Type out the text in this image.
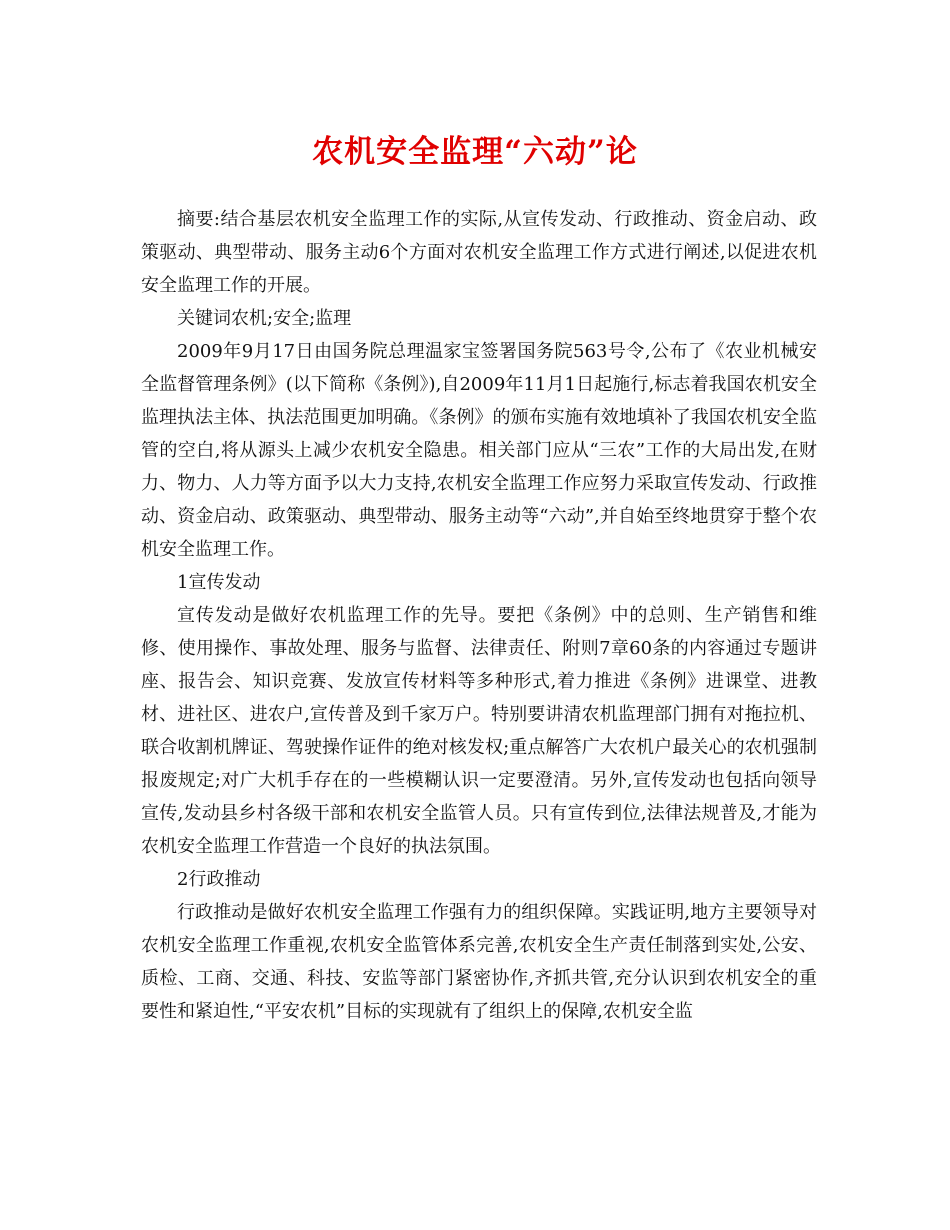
农机安全监理“六动”论

摘要:结合基层农机安全监理工作的实际,从宣传发动、行政推动、资金启动、政策驱动、典型带动、服务主动6个方面对农机安全监理工作方式进行阐述,以促进农机安全监理工作的开展。

关键词农机;安全;监理

2009年9月17日由国务院总理温家宝签署国务院563号令,公布了《农业机械安全监督管理条例》(以下简称《条例》),自2009年11月1日起施行,标志着我国农机安全监理执法主体、执法范围更加明确。《条例》的颁布实施有效地填补了我国农机安全监管的空白,将从源头上减少农机安全隐患。相关部门应从“三农”工作的大局出发,在财力、物力、人力等方面予以大力支持,农机安全监理工作应努力采取宣传发动、行政推动、资金启动、政策驱动、典型带动、服务主动等“六动”,并自始至终地贯穿于整个农机安全监理工作。

1宣传发动

宣传发动是做好农机监理工作的先导。要把《条例》中的总则、生产销售和维修、使用操作、事故处理、服务与监督、法律责任、附则7章60条的内容通过专题讲座、报告会、知识竞赛、发放宣传材料等多种形式,着力推进《条例》进课堂、进教材、进社区、进农户,宣传普及到千家万户。特别要讲清农机监理部门拥有对拖拉机、联合收割机牌证、驾驶操作证件的绝对核发权;重点解答广大农机户最关心的农机强制报废规定;对广大机手存在的一些模糊认识一定要澄清。另外,宣传发动也包括向领导宣传,发动县乡村各级干部和农机安全监管人员。只有宣传到位,法律法规普及,才能为农机安全监理工作营造一个良好的执法氛围。

2行政推动

行政推动是做好农机安全监理工作强有力的组织保障。实践证明,地方主要领导对农机安全监理工作重视,农机安全监管体系完善,农机安全生产责任制落到实处,公安、质检、工商、交通、科技、安监等部门紧密协作,齐抓共管,充分认识到农机安全的重要性和紧迫性,“平安农机”目标的实现就有了组织上的保障,农机安全监
